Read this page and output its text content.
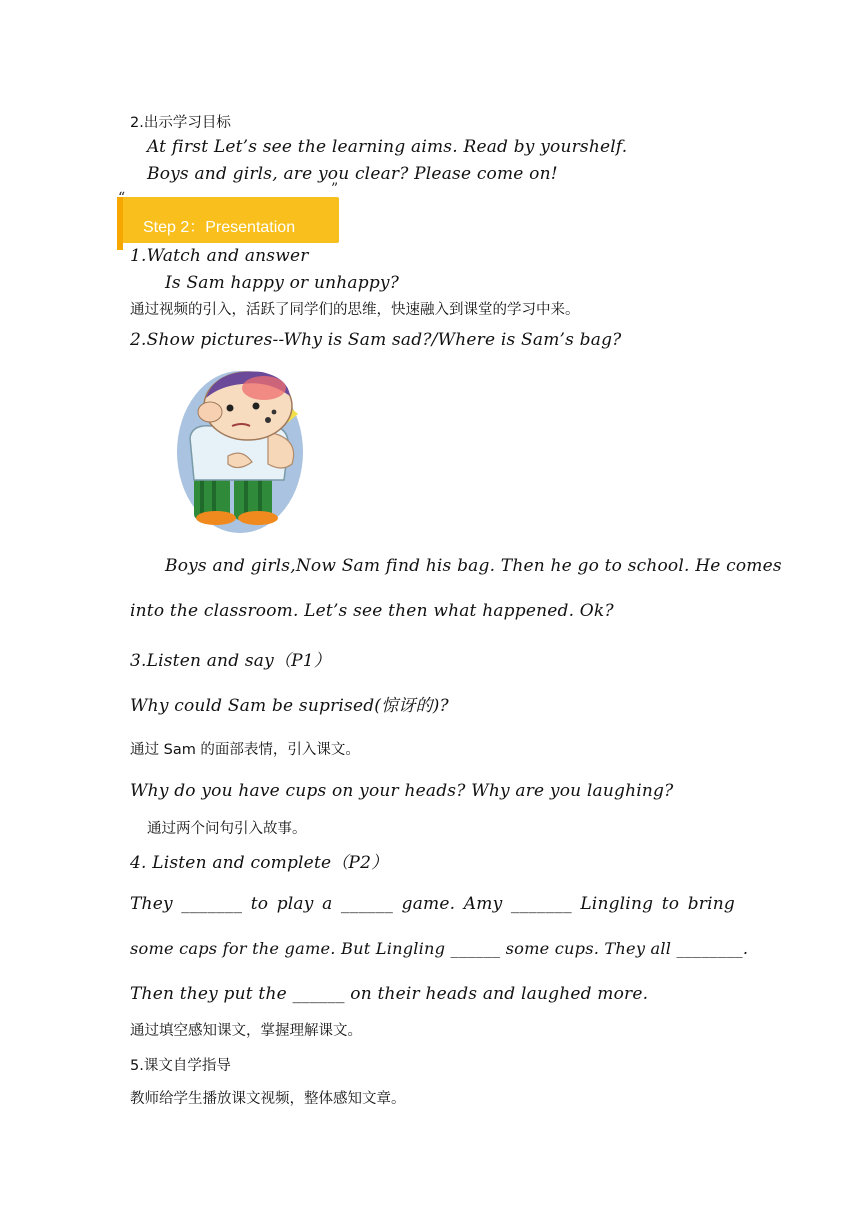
2.出示学习目标
At first Let’s see the learning aims. Read by yourshelf.
Boys and girls, are you clear? Please come on!
“
”
Step 2：Presentation
1.Watch and answer
Is Sam happy or unhappy?
通过视频的引入，活跃了同学们的思维，快速融入到课堂的学习中来。
2.Show pictures--Why is Sam sad?/Where is Sam’s bag?
Boys and girls,Now Sam find his bag. Then he go to school. He comes
into the classroom. Let’s see then what happened. Ok?
3.Listen and say（P1）
Why could Sam be suprised(惊讶的)?
通过 Sam 的面部表情，引入课文。
Why do you have cups on your heads? Why are you laughing?
通过两个问句引入故事。
4. Listen and complete（P2）
They _______ to play a ______ game. Amy _______ Lingling to bring
some caps for the game. But Lingling ______ some cups. They all ________.
Then they put the ______ on their heads and laughed more.
通过填空感知课文，掌握理解课文。
5.课文自学指导
教师给学生播放课文视频，整体感知文章。
